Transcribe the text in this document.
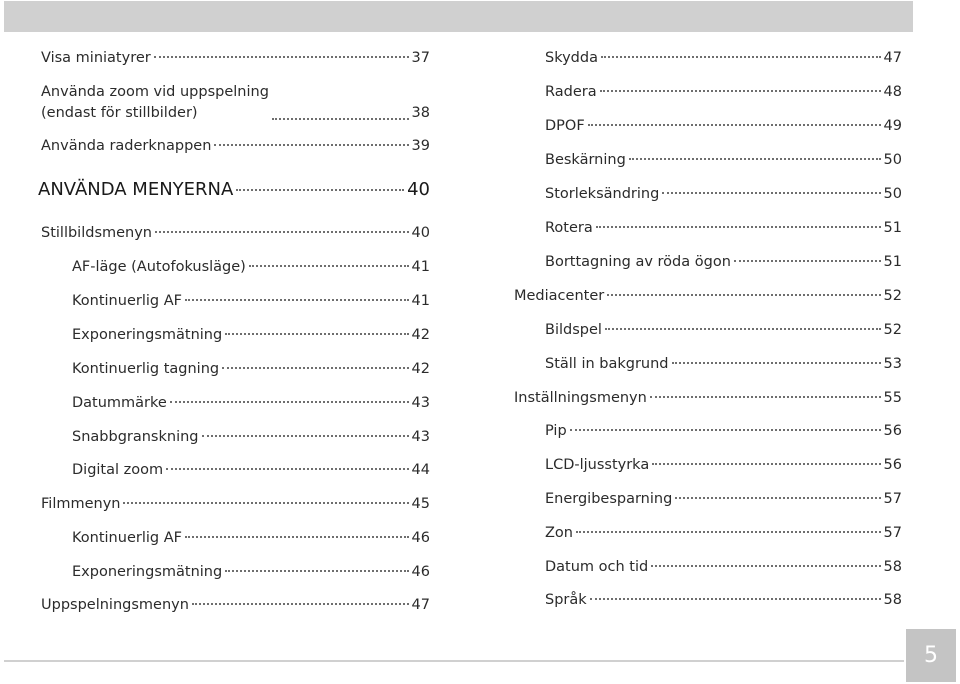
Visa miniatyrer	37
Använda zoom vid uppspelning
(endast för stillbilder)	38
Använda raderknappen	39
ANVÄNDA MENYERNA	40
Stillbildsmenyn	40
AF-läge (Autofokusläge)	41
Kontinuerlig AF	41
Exponeringsmätning	42
Kontinuerlig tagning	42
Datummärke	43
Snabbgranskning	43
Digital zoom	44
Filmmenyn	45
Kontinuerlig AF	46
Exponeringsmätning	46
Uppspelningsmenyn	47
Skydda	47
Radera	48
DPOF	49
Beskärning	50
Storleksändring	50
Rotera	51
Borttagning av röda ögon	51
Mediacenter	52
Bildspel	52
Ställ in bakgrund	53
Inställningsmenyn	55
Pip	56
LCD-ljusstyrka	56
Energibesparning	57
Zon	57
Datum och tid	58
Språk	58
5
